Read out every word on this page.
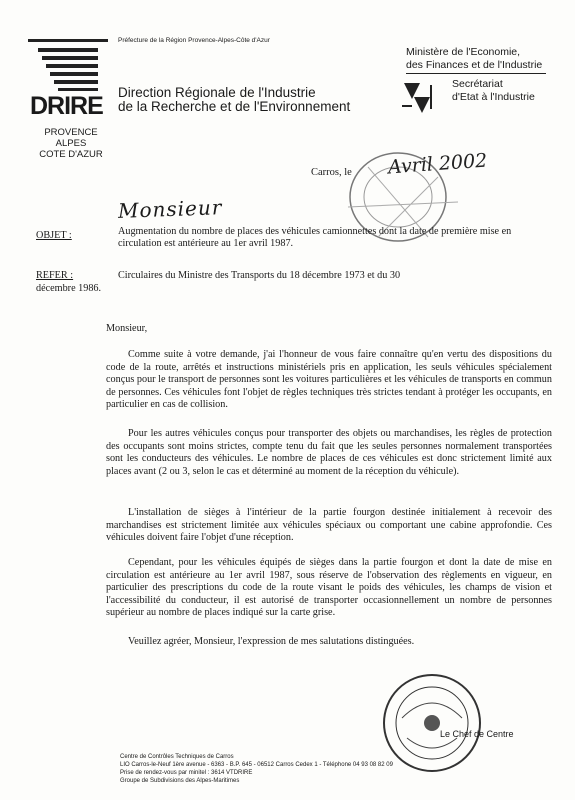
Préfecture de la Région Provence-Alpes-Côte d'Azur
DRIRE
PROVENCE ALPES
COTE D'AZUR
Direction Régionale de l'Industrie
de la Recherche et de l'Environnement
Ministère de l'Economie,
des Finances et de l'Industrie
Secrétariat
d'Etat à l'Industrie
Carros, le Avril 2002
Monsieur
OBJET :	Augmentation du nombre de places des véhicules camionnettes dont la date de première mise en circulation est antérieure au 1er avril 1987.
REFER :	Circulaires du Ministre des Transports du 18 décembre 1973 et du 30
décembre 1986.
Monsieur,
Comme suite à votre demande, j'ai l'honneur de vous faire connaître qu'en vertu des dispositions du code de la route, arrêtés et instructions ministériels pris en application, les seuls véhicules spécialement conçus pour le transport de personnes sont les voitures particulières et les véhicules de transports en commun de personnes. Ces véhicules font l'objet de règles techniques très strictes tendant à protéger les occupants, en particulier en cas de collision.
Pour les autres véhicules conçus pour transporter des objets ou marchandises, les règles de protection des occupants sont moins strictes, compte tenu du fait que les seules personnes normalement transportées sont les conducteurs des véhicules. Le nombre de places de ces véhicules est donc strictement limité aux places avant (2 ou 3, selon le cas et déterminé au moment de la réception du véhicule).
L'installation de sièges à l'intérieur de la partie fourgon destinée initialement à recevoir des marchandises est strictement limitée aux véhicules spéciaux ou comportant une cabine approfondie. Ces véhicules doivent faire l'objet d'une réception.
Cependant, pour les véhicules équipés de sièges dans la partie fourgon et dont la date de mise en circulation est antérieure au 1er avril 1987, sous réserve de l'observation des règlements en vigueur, en particulier des prescriptions du code de la route visant le poids des véhicules, les champs de vision et l'accessibilité du conducteur, il est autorisé de transporter occasionnellement un nombre de personnes supérieur au nombre de places indiqué sur la carte grise.
Veuillez agréer, Monsieur, l'expression de mes salutations distinguées.
Le Chef de Centre
Centre de Contrôles Techniques de Carros
LIO Carros-le-Neuf 1ère avenue - 6363 - B.P. 645 - 06512 Carros Cedex 1 - Téléphone 04 93 08 82 09
Prise de rendez-vous par minitel : 3614 VTDRIRE
Groupe de Subdivisions des Alpes-Maritimes
